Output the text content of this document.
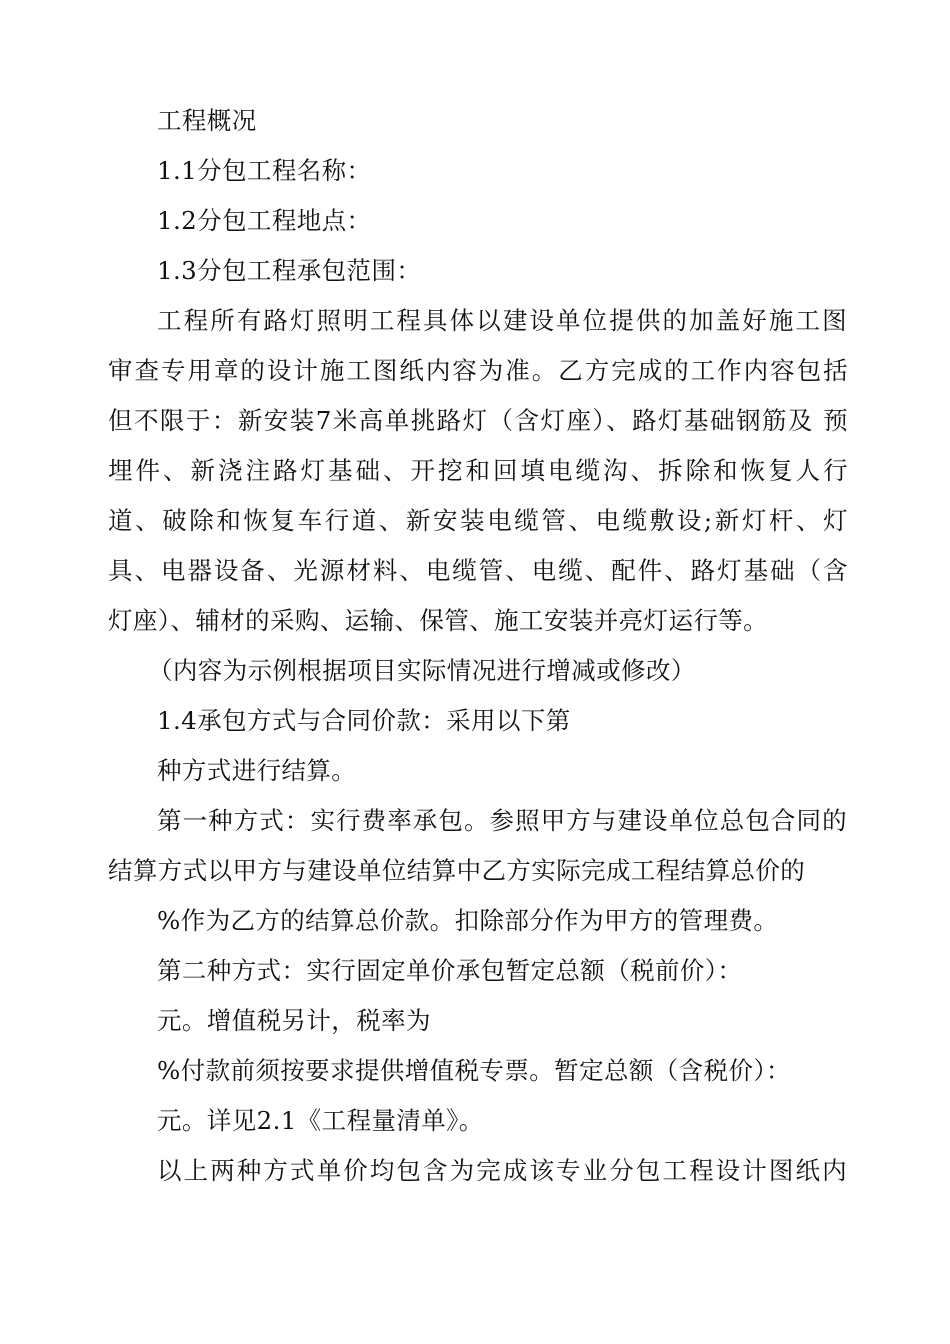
工程概况
1.1分包工程名称：
1.2分包工程地点：
1.3分包工程承包范围：
工程所有路灯照明工程具体以建设单位提供的加盖好施工图
审查专用章的设计施工图纸内容为准。乙方完成的工作内容包括
但不限于：新安装7米高单挑路灯（含灯座）、路灯基础钢筋及 预
埋件、新浇注路灯基础、开挖和回填电缆沟、拆除和恢复人行
道、破除和恢复车行道、新安装电缆管、电缆敷设;新灯杆、灯
具、电器设备、光源材料、电缆管、电缆、配件、路灯基础（含
灯座）、辅材的采购、运输、保管、施工安装并亮灯运行等。
（内容为示例根据项目实际情况进行增减或修改）
1.4承包方式与合同价款：采用以下第
种方式进行结算。
第一种方式：实行费率承包。参照甲方与建设单位总包合同的
结算方式以甲方与建设单位结算中乙方实际完成工程结算总价的
%作为乙方的结算总价款。扣除部分作为甲方的管理费。
第二种方式：实行固定单价承包暂定总额（税前价）：
元。增值税另计，税率为
%付款前须按要求提供增值税专票。暂定总额（含税价）：
元。详见2.1《工程量清单》。
以上两种方式单价均包含为完成该专业分包工程设计图纸内
